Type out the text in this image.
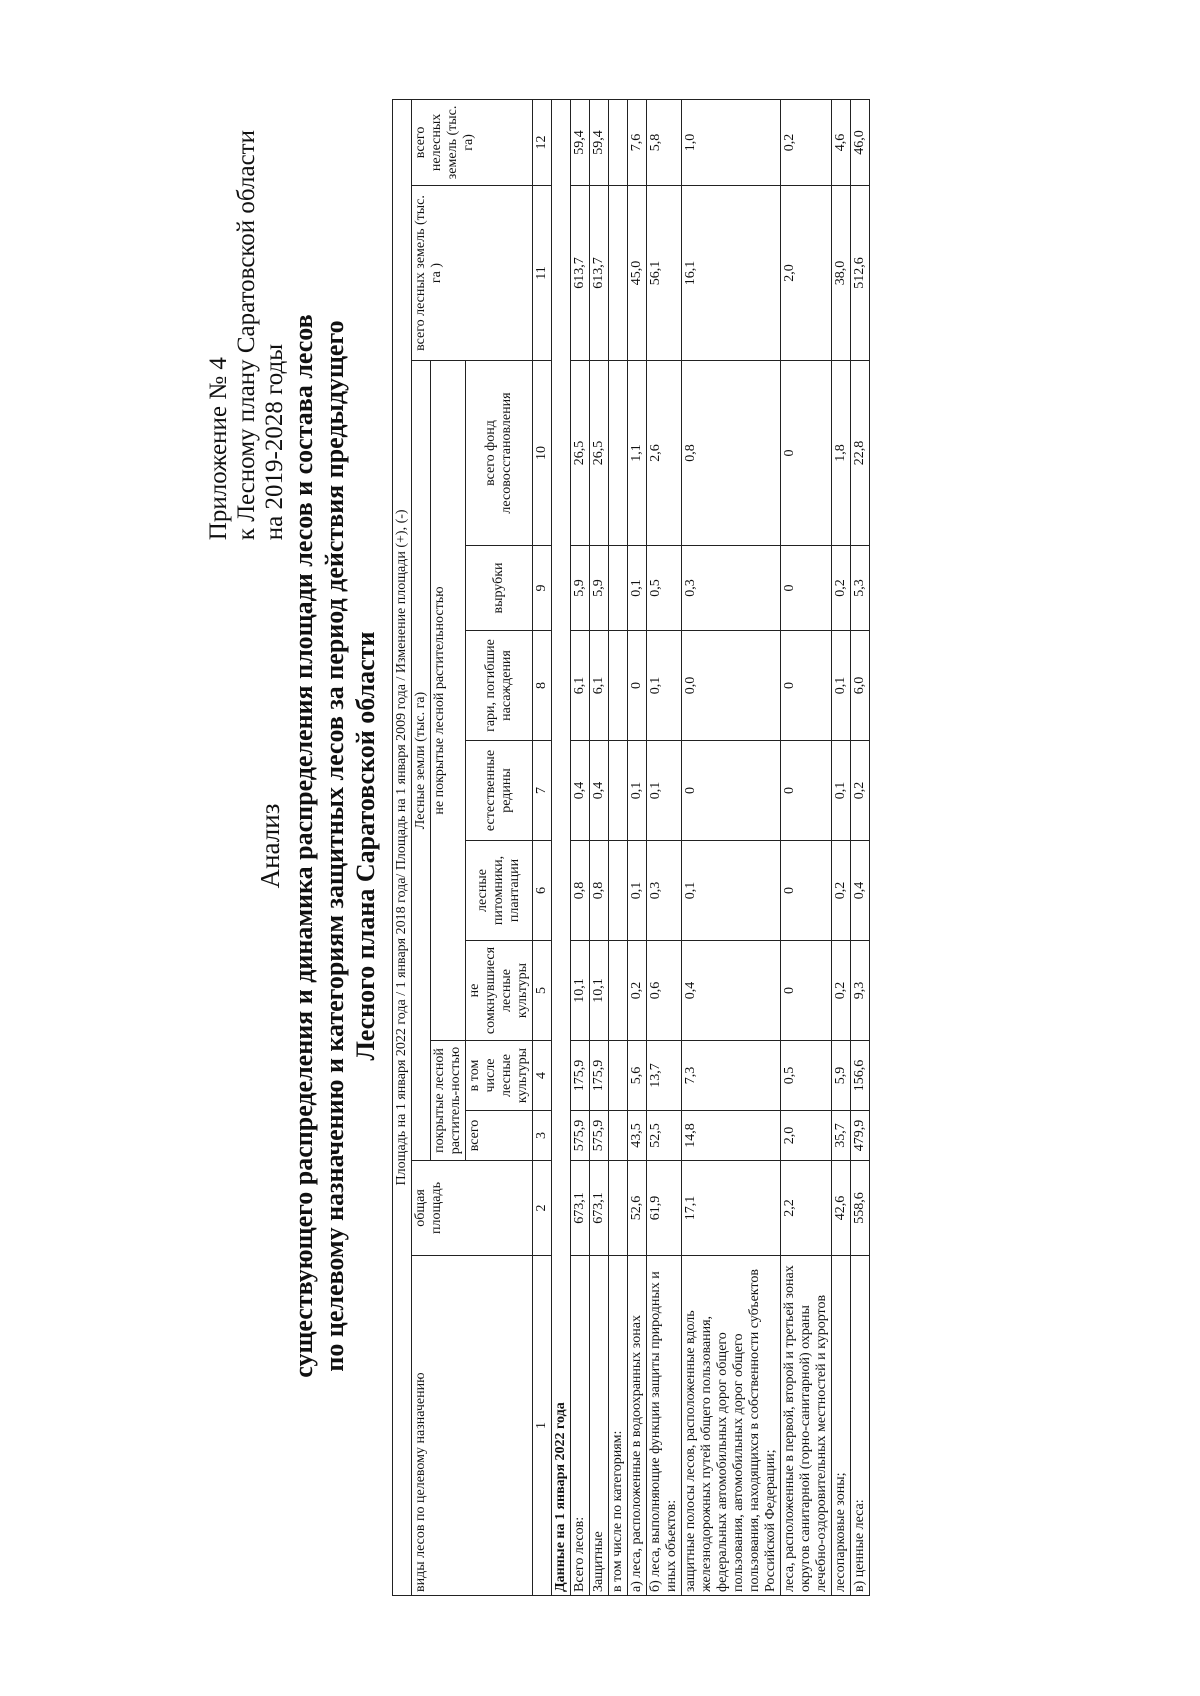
Приложение № 4 к Лесному плану Саратовской области на 2019-2028 годы
Анализ существующего распределения и динамика распределения площади лесов и состава лесов по целевому назначению и категориям защитных лесов за период действия предыдущего Лесного плана Саратовской области Площадь на 1 января 2022 года / 1 января 2018 года/ Площадь на 1 января 2009 года / Изменение площади (+), (-)											
виды лесов по целевому назначению	общая площадь	Лесные земли (тыс. га)								всего лесных земель (тыс. га )	всего нелесных земель (тыс. га)
		покрытые лесной раститель-ностью		не покрытые лесной растительностью							
		всего	в том числе лесные культуры	не сомкнувшиеся лесные культуры	лесные питомники, плантации	естественные редины	гари, погибшие насаждения	вырубки	всего фонд лесовосстановления		
1	2	3	4	5	6	7	8	9	10	11	12
Данные на 1 января 2022 года											
Всего лесов:	673,1	575,9	175,9	10,1	0,8	0,4	6,1	5,9	26,5	613,7	59,4
Защитные	673,1	575,9	175,9	10,1	0,8	0,4	6,1	5,9	26,5	613,7	59,4
в том числе по категориям:											
а) леса, расположенные в водоохранных зонах	52,6	43,5	5,6	0,2	0,1	0,1	0	0,1	1,1	45,0	7,6
б) леса, выполняющие функции защиты природных и иных объектов:	61,9	52,5	13,7	0,6	0,3	0,1	0,1	0,5	2,6	56,1	5,8
защитные полосы лесов, расположенные вдоль железнодорожных путей общего пользования, федеральных автомобильных дорог общего пользования, автомобильных дорог общего пользования, находящихся в собственности субъектов Российской Федерации;	17,1	14,8	7,3	0,4	0,1	0	0,0	0,3	0,8	16,1	1,0
леса, расположенные в первой, второй и третьей зонах округов санитарной (горно-санитарной) охраны лечебно-оздоровительных местностей и курортов	2,2	2,0	0,5	0	0	0	0	0	0	2,0	0,2
лесопарковые зоны;	42,6	35,7	5,9	0,2	0,2	0,1	0,1	0,2	1,8	38,0	4,6
в) ценные леса:	558,6	479,9	156,6	9,3	0,4	0,2	6,0	5,3	22,8	512,6	46,0
